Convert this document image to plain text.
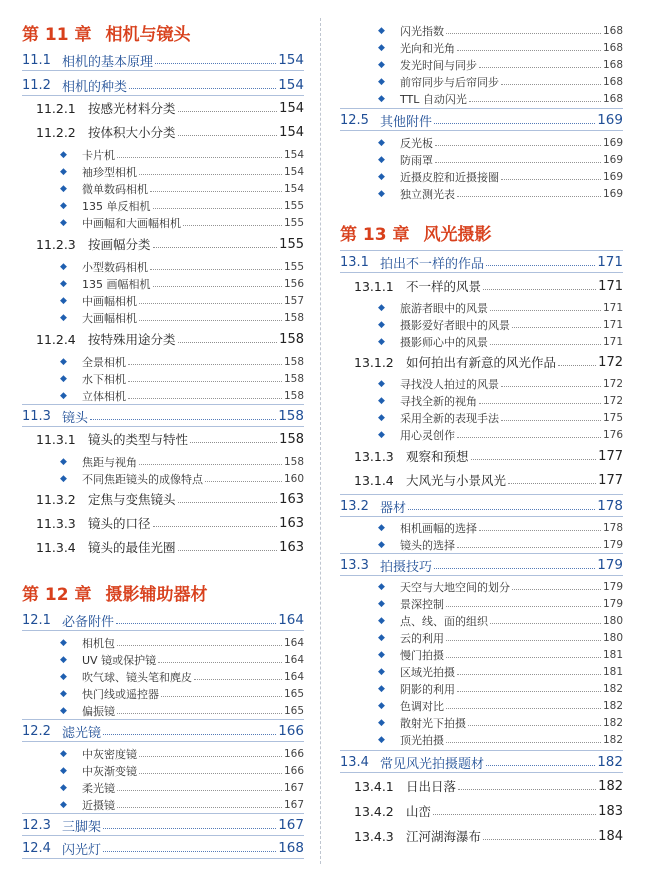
第 11 章 相机与镜头
11.1 相机的基本原理	154
11.2 相机的种类	154
11.2.1 按感光材料分类	154
11.2.2 按体积大小分类	154
◆	卡片机	154
◆	袖珍型相机	154
◆	微单数码相机	154
◆	135 单反相机	155
◆	中画幅和大画幅相机	155
11.2.3 按画幅分类	155
◆	小型数码相机	155
◆	135 画幅相机	156
◆	中画幅相机	157
◆	大画幅相机	158
11.2.4 按特殊用途分类	158
◆	全景相机	158
◆	水下相机	158
◆	立体相机	158
11.3 镜头	158
11.3.1 镜头的类型与特性	158
◆	焦距与视角	158
◆	不同焦距镜头的成像特点	160
11.3.2 定焦与变焦镜头	163
11.3.3 镜头的口径	163
11.3.4 镜头的最佳光圈	163
第 12 章 摄影辅助器材
12.1 必备附件	164
◆	相机包	164
◆	UV 镜或保护镜	164
◆	吹气球、镜头笔和麂皮	164
◆	快门线或遥控器	165
◆	偏振镜	165
12.2 滤光镜	166
◆	中灰密度镜	166
◆	中灰渐变镜	166
◆	柔光镜	167
◆	近摄镜	167
12.3 三脚架	167
12.4 闪光灯	168
◆	闪光指数	168
◆	光向和光角	168
◆	发光时间与同步	168
◆	前帘同步与后帘同步	168
◆	TTL 自动闪光	168
12.5 其他附件	169
◆	反光板	169
◆	防雨罩	169
◆	近摄皮腔和近摄接圈	169
◆	独立测光表	169
第 13 章 风光摄影
13.1 拍出不一样的作品	171
13.1.1 不一样的风景	171
◆	旅游者眼中的风景	171
◆	摄影爱好者眼中的风景	171
◆	摄影师心中的风景	171
13.1.2 如何拍出有新意的风光作品	172
◆	寻找没人拍过的风景	172
◆	寻找全新的视角	172
◆	采用全新的表现手法	175
◆	用心灵创作	176
13.1.3 观察和预想	177
13.1.4 大风光与小景风光	177
13.2 器材	178
◆	相机画幅的选择	178
◆	镜头的选择	179
13.3 拍摄技巧	179
◆	天空与大地空间的划分	179
◆	景深控制	179
◆	点、线、面的组织	180
◆	云的利用	180
◆	慢门拍摄	181
◆	区域光拍摄	181
◆	阴影的利用	182
◆	色调对比	182
◆	散射光下拍摄	182
◆	顶光拍摄	182
13.4 常见风光拍摄题材	182
13.4.1 日出日落	182
13.4.2 山峦	183
13.4.3 江河湖海瀑布	184
